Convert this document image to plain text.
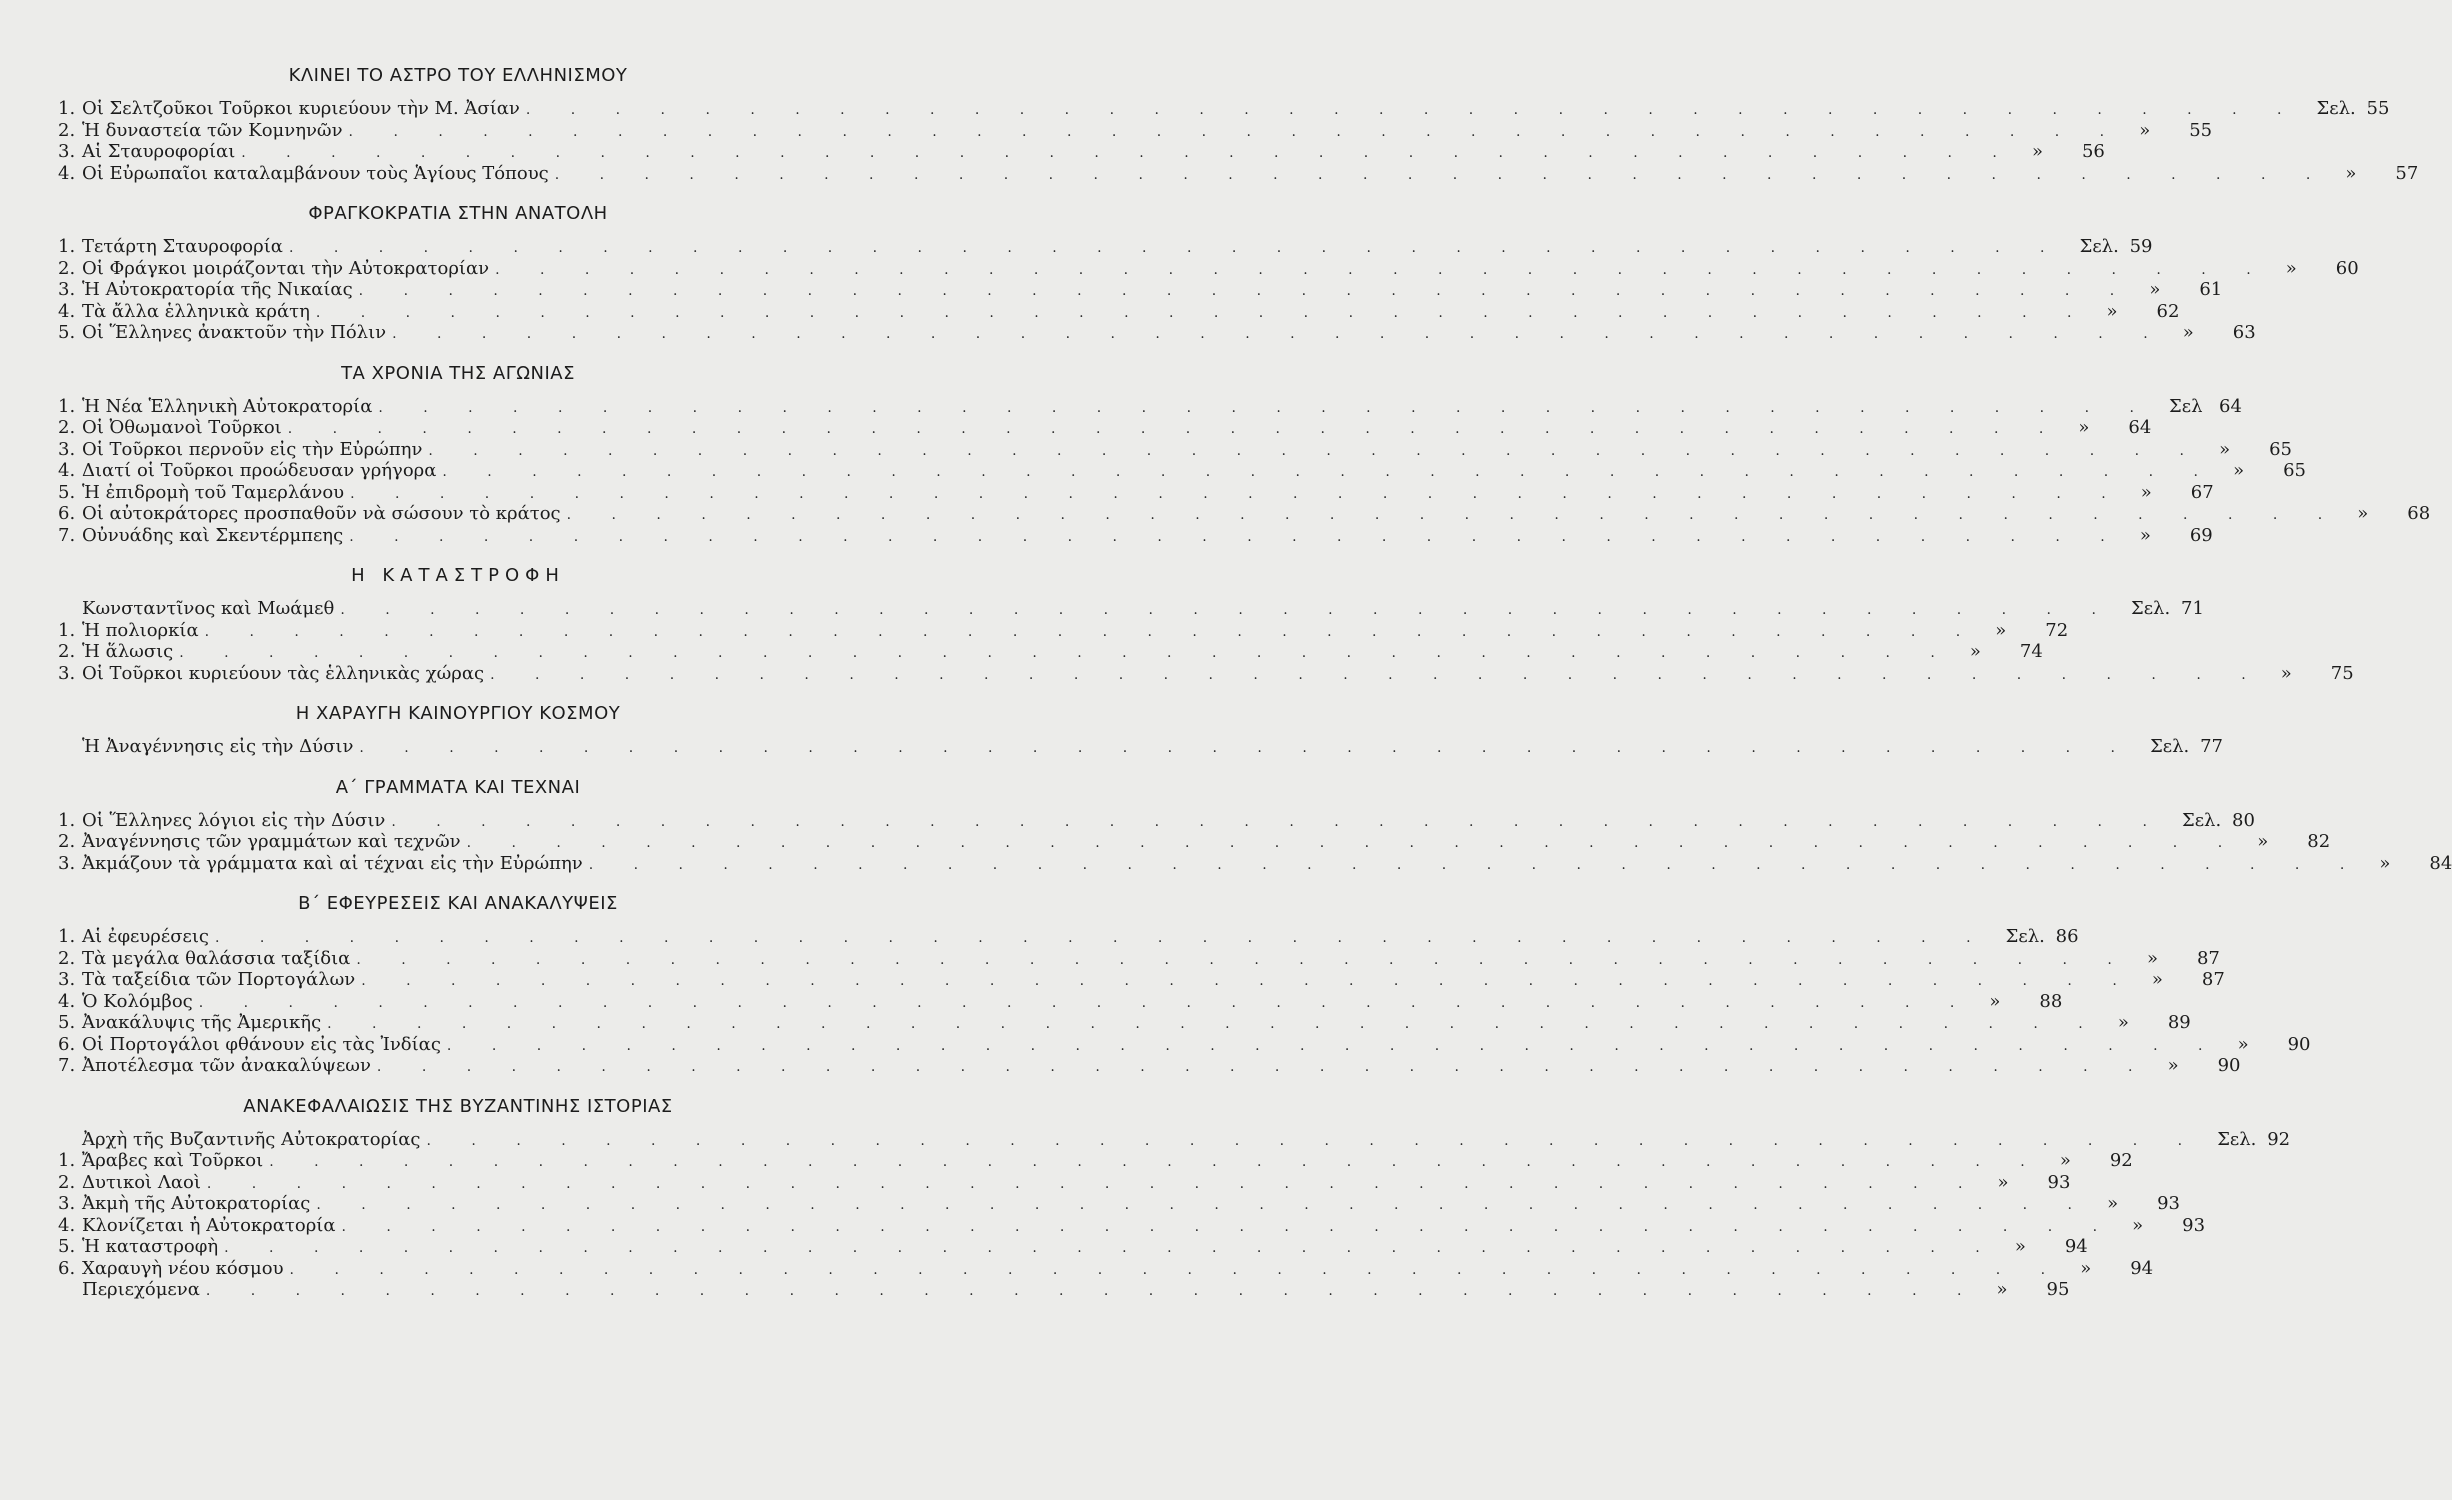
ΚΛΙΝΕΙ ΤΟ ΑΣΤΡΟ ΤΟΥ ΕΛΛΗΝΙΣΜΟΥ
1. Οἱ Σελτζοῦκοι Τοῦρκοι κυριεύουν τὴν Μ. Ἀσίαν . . . . . . . . . . . . . . . . . . . . . . . . . . . . . . . . . . . . . . . . Σελ. 55
2. Ἡ δυναστεία τῶν Κομνηνῶν . . . . . . . . . . . . . . . . . . . . . . . . . . . . . . . . . . . . . . . . » 55
3. Αἱ Σταυροφορίαι . . . . . . . . . . . . . . . . . . . . . . . . . . . . . . . . . . . . . . . . » 56
4. Οἱ Εὐρωπαῖοι καταλαμβάνουν τοὺς Ἁγίους Τόπους . . . . . . . . . . . . . . . . . . . . . . . . . . . . . . . . . . . . . . . . » 57
ΦΡΑΓΚΟΚΡΑΤΙΑ ΣΤΗΝ ΑΝΑΤΟΛΗ
1. Τετάρτη Σταυροφορία . . . . . . . . . . . . . . . . . . . . . . . . . . . . . . . . . . . . . . . . Σελ. 59
2. Οἱ Φράγκοι μοιράζονται τὴν Αὐτοκρατορίαν . . . . . . . . . . . . . . . . . . . . . . . . . . . . . . . . . . . . . . . . » 60
3. Ἡ Αὐτοκρατορία τῆς Νικαίας . . . . . . . . . . . . . . . . . . . . . . . . . . . . . . . . . . . . . . . . » 61
4. Τὰ ἄλλα ἑλληνικὰ κράτη . . . . . . . . . . . . . . . . . . . . . . . . . . . . . . . . . . . . . . . . » 62
5. Οἱ Ἕλληνες ἀνακτοῦν τὴν Πόλιν . . . . . . . . . . . . . . . . . . . . . . . . . . . . . . . . . . . . . . . . » 63
ΤΑ ΧΡΟΝΙΑ ΤΗΣ ΑΓΩΝΙΑΣ
1. Ἡ Νέα Ἑλληνικὴ Αὐτοκρατορία . . . . . . . . . . . . . . . . . . . . . . . . . . . . . . . . . . . . . . . . Σελ 64
2. Οἱ Ὀθωμανοὶ Τοῦρκοι . . . . . . . . . . . . . . . . . . . . . . . . . . . . . . . . . . . . . . . . » 64
3. Οἱ Τοῦρκοι περνοῦν εἰς τὴν Εὐρώπην . . . . . . . . . . . . . . . . . . . . . . . . . . . . . . . . . . . . . . . . » 65
4. Διατί οἱ Τοῦρκοι προώδευσαν γρήγορα . . . . . . . . . . . . . . . . . . . . . . . . . . . . . . . . . . . . . . . . » 65
5. Ἡ ἐπιδρομὴ τοῦ Ταμερλάνου . . . . . . . . . . . . . . . . . . . . . . . . . . . . . . . . . . . . . . . . » 67
6. Οἱ αὐτοκράτορες προσπαθοῦν νὰ σώσουν τὸ κράτος . . . . . . . . . . . . . . . . . . . . . . . . . . . . . . . . . . . . . . . . » 68
7. Οὐνυάδης καὶ Σκεντέρμπεης . . . . . . . . . . . . . . . . . . . . . . . . . . . . . . . . . . . . . . . . » 69
Η ΚΑΤΑΣΤΡΟΦΗ
Κωνσταντῖνος καὶ Μωάμεθ . . . . . . . . . . . . . . . . . . . . . . . . . . . . . . . . . . . . . . . . Σελ. 71
1. Ἡ πολιορκία . . . . . . . . . . . . . . . . . . . . . . . . . . . . . . . . . . . . . . . . » 72
2. Ἡ ἅλωσις . . . . . . . . . . . . . . . . . . . . . . . . . . . . . . . . . . . . . . . . » 74
3. Οἱ Τοῦρκοι κυριεύουν τὰς ἑλληνικὰς χώρας . . . . . . . . . . . . . . . . . . . . . . . . . . . . . . . . . . . . . . . . » 75
Η ΧΑΡΑΥΓΗ ΚΑΙΝΟΥΡΓΙΟΥ ΚΟΣΜΟΥ
Ἡ Ἀναγέννησις εἰς τὴν Δύσιν . . . . . . . . . . . . . . . . . . . . . . . . . . . . . . . . . . . . . . . . Σελ. 77
Α΄ ΓΡΑΜΜΑΤΑ ΚΑΙ ΤΕΧΝΑΙ
1. Οἱ Ἕλληνες λόγιοι εἰς τὴν Δύσιν . . . . . . . . . . . . . . . . . . . . . . . . . . . . . . . . . . . . . . . . Σελ. 80
2. Ἀναγέννησις τῶν γραμμάτων καὶ τεχνῶν . . . . . . . . . . . . . . . . . . . . . . . . . . . . . . . . . . . . . . . . » 82
3. Ἀκμάζουν τὰ γράμματα καὶ αἱ τέχναι εἰς τὴν Εὐρώπην . . . . . . . . . . . . . . . . . . . . . . . . . . . . . . . . . . . . . . . . » 84
Β΄ ΕΦΕΥΡΕΣΕΙΣ ΚΑΙ ΑΝΑΚΑΛΥΨΕΙΣ
1. Αἱ ἐφευρέσεις . . . . . . . . . . . . . . . . . . . . . . . . . . . . . . . . . . . . . . . . Σελ. 86
2. Τὰ μεγάλα θαλάσσια ταξίδια . . . . . . . . . . . . . . . . . . . . . . . . . . . . . . . . . . . . . . . . » 87
3. Τὰ ταξείδια τῶν Πορτογάλων . . . . . . . . . . . . . . . . . . . . . . . . . . . . . . . . . . . . . . . . » 87
4. Ὁ Κολόμβος . . . . . . . . . . . . . . . . . . . . . . . . . . . . . . . . . . . . . . . . » 88
5. Ἀνακάλυψις τῆς Ἀμερικῆς . . . . . . . . . . . . . . . . . . . . . . . . . . . . . . . . . . . . . . . . » 89
6. Οἱ Πορτογάλοι φθάνουν εἰς τὰς Ἰνδίας . . . . . . . . . . . . . . . . . . . . . . . . . . . . . . . . . . . . . . . . » 90
7. Ἀποτέλεσμα τῶν ἀνακαλύψεων . . . . . . . . . . . . . . . . . . . . . . . . . . . . . . . . . . . . . . . . » 90
ΑΝΑΚΕΦΑΛΑΙΩΣΙΣ ΤΗΣ ΒΥΖΑΝΤΙΝΗΣ ΙΣΤΟΡΙΑΣ
Ἀρχὴ τῆς Βυζαντινῆς Αὐτοκρατορίας . . . . . . . . . . . . . . . . . . . . . . . . . . . . . . . . . . . . . . . . Σελ. 92
1. Ἄραβες καὶ Τοῦρκοι . . . . . . . . . . . . . . . . . . . . . . . . . . . . . . . . . . . . . . . . » 92
2. Δυτικοὶ Λαοὶ . . . . . . . . . . . . . . . . . . . . . . . . . . . . . . . . . . . . . . . . » 93
3. Ἀκμὴ τῆς Αὐτοκρατορίας . . . . . . . . . . . . . . . . . . . . . . . . . . . . . . . . . . . . . . . . » 93
4. Κλονίζεται ἡ Αὐτοκρατορία . . . . . . . . . . . . . . . . . . . . . . . . . . . . . . . . . . . . . . . . » 93
5. Ἡ καταστροφὴ . . . . . . . . . . . . . . . . . . . . . . . . . . . . . . . . . . . . . . . . » 94
6. Χαραυγὴ νέου κόσμου . . . . . . . . . . . . . . . . . . . . . . . . . . . . . . . . . . . . . . . . » 94
Περιεχόμενα . . . . . . . . . . . . . . . . . . . . . . . . . . . . . . . . . . . . . . . . » 95
